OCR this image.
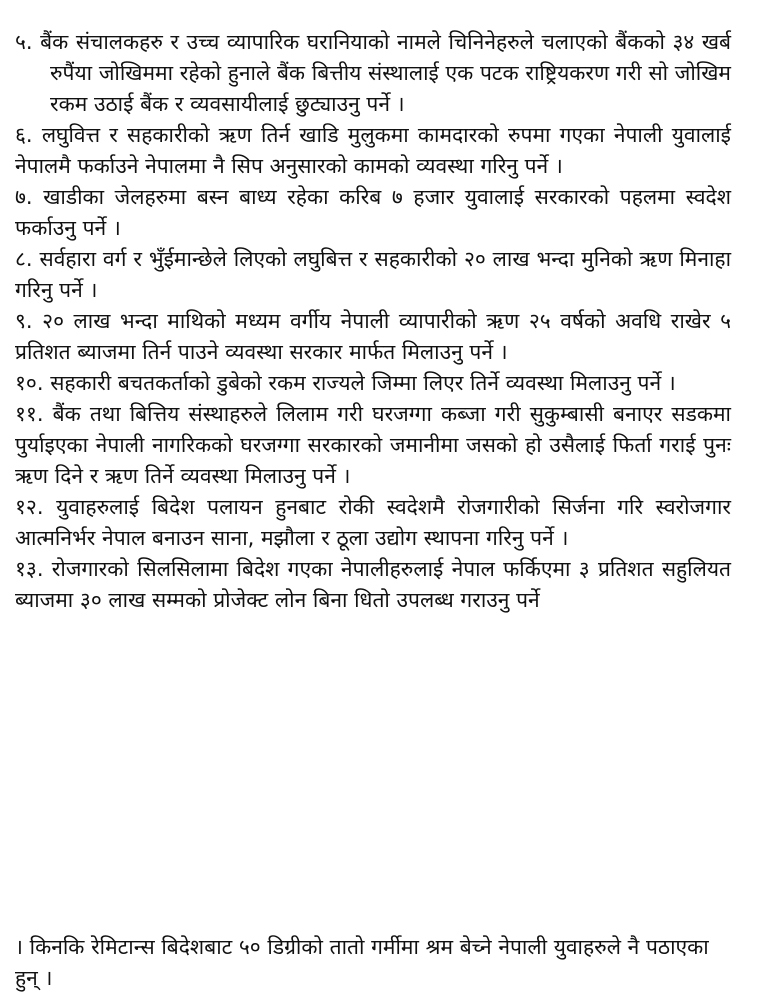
५. बैंक संचालकहरु र उच्च व्यापारिक घरानियाको नामले चिनिनेहरुले चलाएको बैंकको ३४ खर्ब रुपैंया जोखिममा रहेको हुनाले बैंक बित्तीय संस्थालाई एक पटक राष्ट्रियकरण गरी सो जोखिम रकम उठाई बैंक र व्यवसायीलाई छुट्याउनु पर्ने ।

६. लघुवित्त र सहकारीको ऋण तिर्न खाडि मुलुकमा कामदारको रुपमा गएका नेपाली युवालाई नेपालमै फर्काउने नेपालमा नै सिप अनुसारको कामको व्यवस्था गरिनु पर्ने ।

७. खाडीका जेलहरुमा बस्न बाध्य रहेका करिब ७ हजार युवालाई सरकारको पहलमा स्वदेश फर्काउनु पर्ने ।

८. सर्वहारा वर्ग र भुँईमान्छेले लिएको लघुबित्त र सहकारीको २० लाख भन्दा मुनिको ऋण मिनाहा गरिनु पर्ने ।

९. २० लाख भन्दा माथिको मध्यम वर्गीय नेपाली व्यापारीको ऋण २५ वर्षको अवधि राखेर ५ प्रतिशत ब्याजमा तिर्न पाउने व्यवस्था सरकार मार्फत मिलाउनु पर्ने ।

१०. सहकारी बचतकर्ताको डुबेको रकम राज्यले जिम्मा लिएर तिर्ने व्यवस्था मिलाउनु पर्ने ।

११. बैंक तथा बित्तिय संस्थाहरुले लिलाम गरी घरजग्गा कब्जा गरी सुकुम्बासी बनाएर सडकमा पुर्याइएका नेपाली नागरिकको घरजग्गा सरकारको जमानीमा जसको हो उसैलाई फिर्ता गराई पुनः ऋण दिने र ऋण तिर्ने व्यवस्था मिलाउनु पर्ने ।

१२. युवाहरुलाई बिदेश पलायन हुनबाट रोकी स्वदेशमै रोजगारीको सिर्जना गरि स्वरोजगार आत्मनिर्भर नेपाल बनाउन साना, मझौला र ठूला उद्योग स्थापना गरिनु पर्ने ।

१३. रोजगारको सिलसिलामा बिदेश गएका नेपालीहरुलाई नेपाल फर्किएमा ३ प्रतिशत सहुलियत ब्याजमा ३० लाख सम्मको प्रोजेक्ट लोन बिना धितो उपलब्ध गराउनु पर्ने

। किनकि रेमिटान्स बिदेशबाट ५० डिग्रीको तातो गर्मीमा श्रम बेच्ने नेपाली युवाहरुले नै पठाएका हुन् ।
